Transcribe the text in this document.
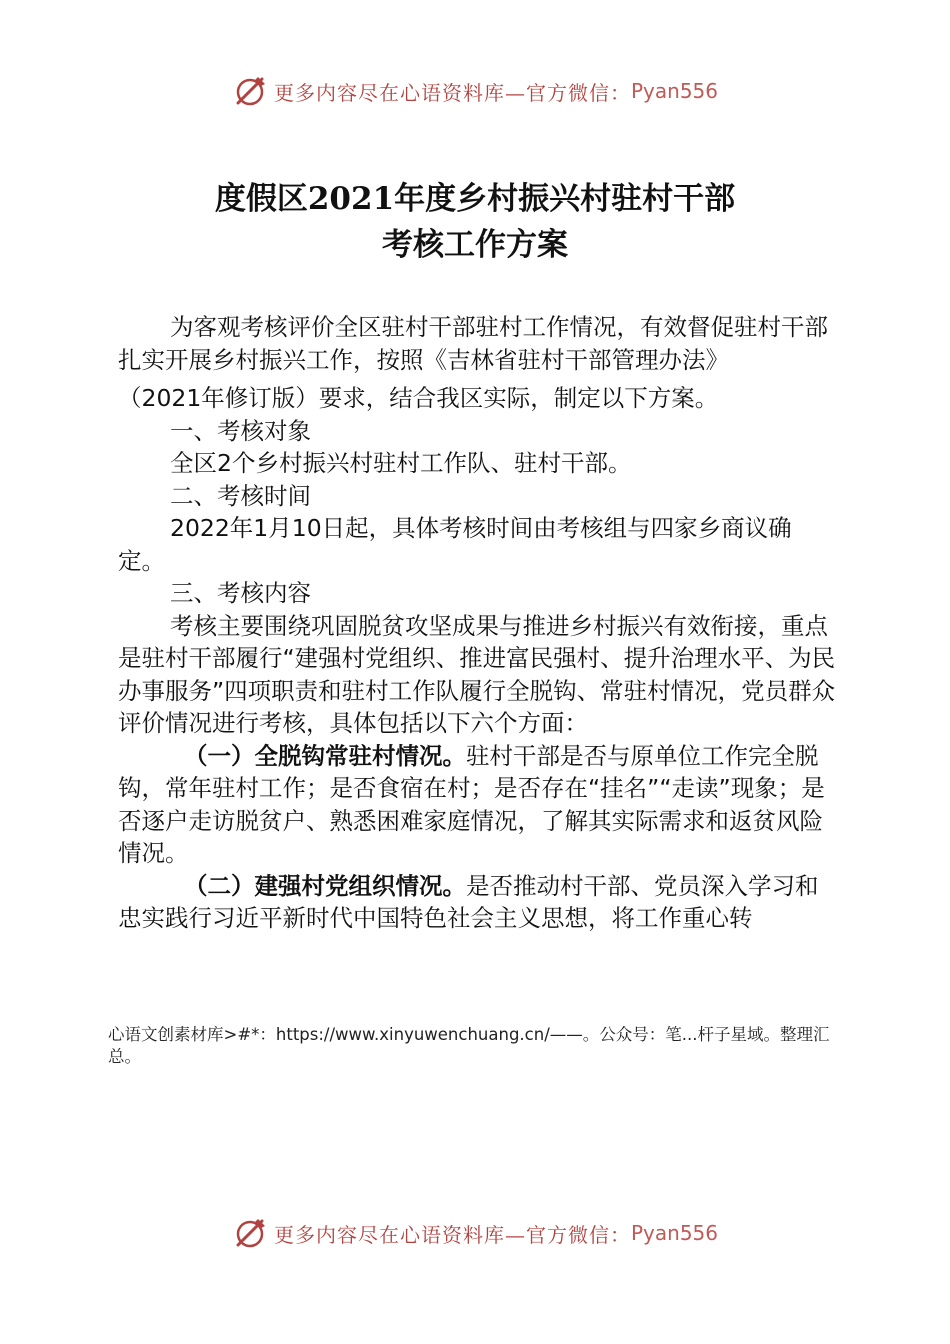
更多内容尽在心语资料库—官方微信： Pyan556
度假区2021年度乡村振兴村驻村干部
考核工作方案

为客观考核评价全区驻村干部驻村工作情况，有效督促驻村干部扎实开展乡村振兴工作，按照《吉林省驻村干部管理办法》

（2021年修订版）要求，结合我区实际，制定以下方案。

一、考核对象

全区2个乡村振兴村驻村工作队、驻村干部。

二、考核时间

2022年1月10日起，具体考核时间由考核组与四家乡商议确定。

三、考核内容

考核主要围绕巩固脱贫攻坚成果与推进乡村振兴有效衔接，重点是驻村干部履行“建强村党组织、推进富民强村、提升治理水平、为民办事服务”四项职责和驻村工作队履行全脱钩、常驻村情况，党员群众评价情况进行考核，具体包括以下六个方面：

（一）全脱钩常驻村情况。驻村干部是否与原单位工作完全脱钩，常年驻村工作；是否食宿在村；是否存在“挂名”“走读”现象；是否逐户走访脱贫户、熟悉困难家庭情况，了解其实际需求和返贫风险情况。

（二）建强村党组织情况。是否推动村干部、党员深入学习和忠实践行习近平新时代中国特色社会主义思想，将工作重心转

心语文创素材库>#*：https://www.xinyuwenchuang.cn/——。公众号：笔...杆子星域。整理汇总。
更多内容尽在心语资料库—官方微信： Pyan556
